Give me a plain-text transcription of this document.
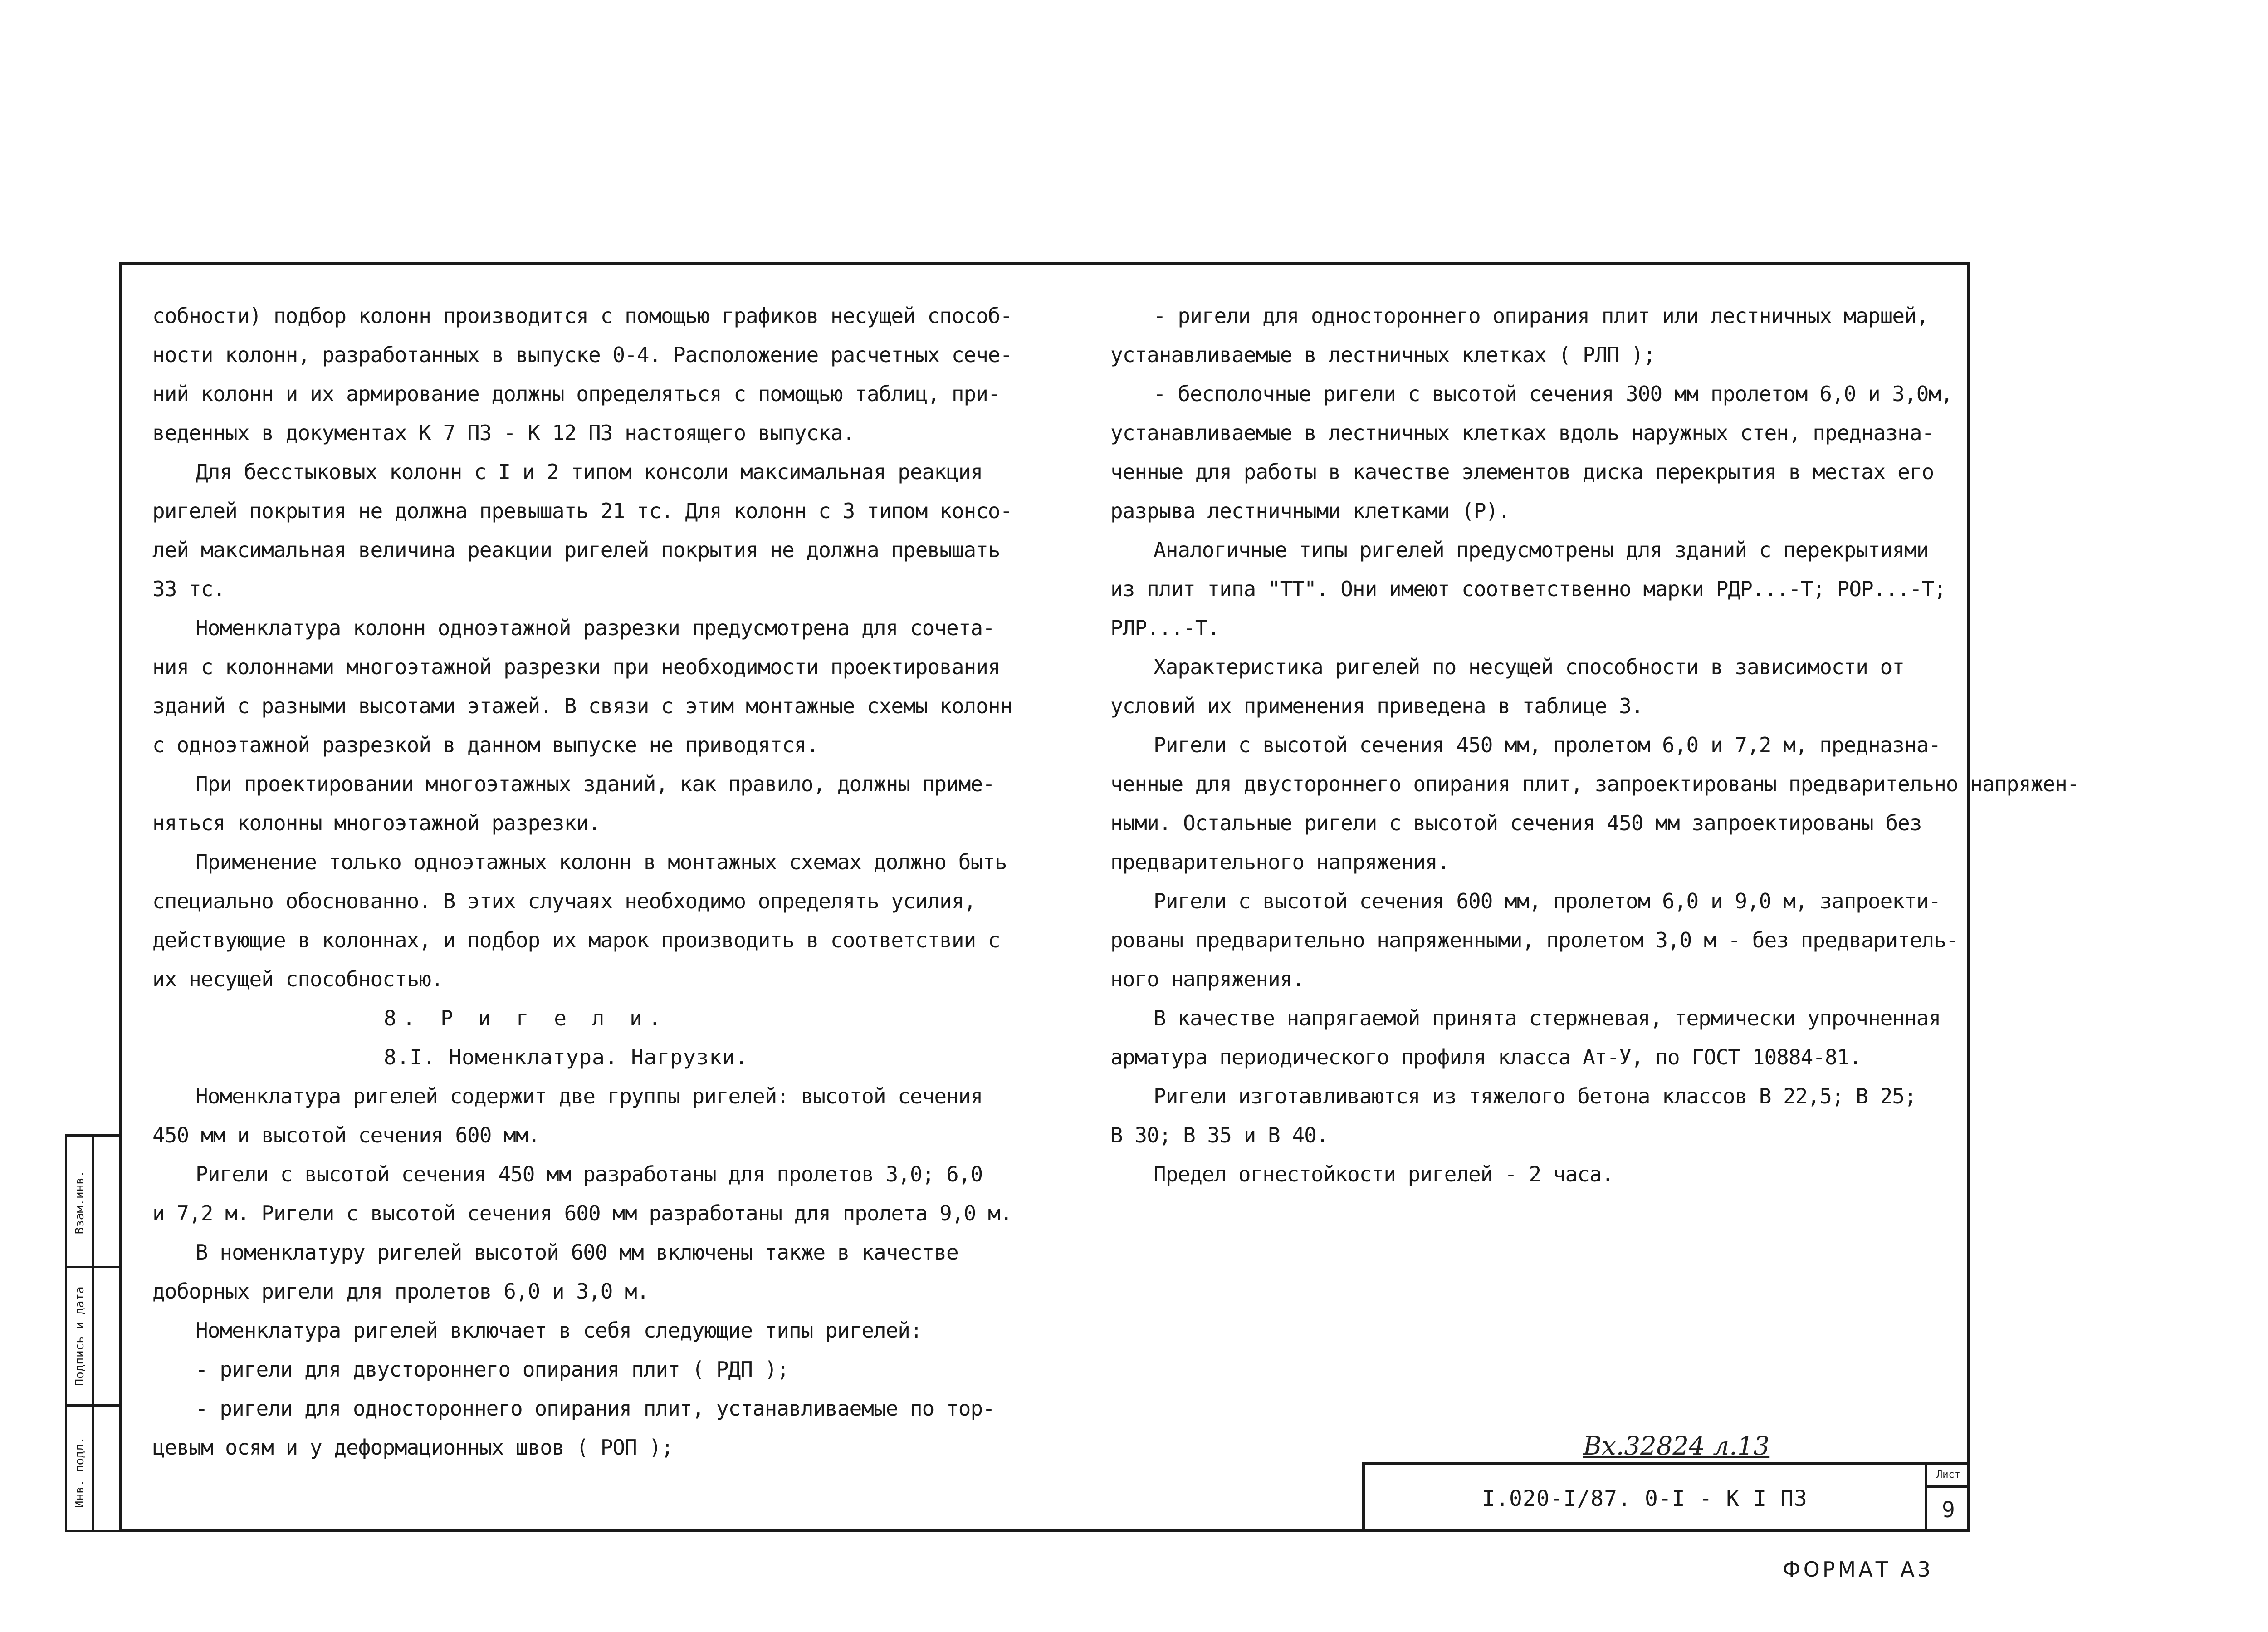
собности) подбор колонн производится с помощью графиков несущей способ-
ности колонн, разработанных в выпуске 0-4. Расположение расчетных сече-
ний колонн и их армирование должны определяться с помощью таблиц, при-
веденных в документах К 7 ПЗ - К 12 ПЗ настоящего выпуска.

Для бесстыковых колонн с I и 2 типом консоли максимальная реакция
ригелей покрытия не должна превышать 21 тс. Для колонн с 3 типом консо-
лей максимальная величина реакции ригелей покрытия не должна превышать
33 тс.

Номенклатура колонн одноэтажной разрезки предусмотрена для сочета-
ния с колоннами многоэтажной разрезки при необходимости проектирования
зданий с разными высотами этажей. В связи с этим монтажные схемы колонн
с одноэтажной разрезкой в данном выпуске не приводятся.

При проектировании многоэтажных зданий, как правило, должны приме-
няться колонны многоэтажной разрезки.

Применение только одноэтажных колонн в монтажных схемах должно быть
специально обоснованно. В этих случаях необходимо определять усилия,
действующие в колоннах, и подбор их марок производить в соответствии с
их несущей способностью.

8. Р и г е л и.

8.I. Номенклатура. Нагрузки.

Номенклатура ригелей содержит две группы ригелей: высотой сечения
450 мм и высотой сечения 600 мм.

Ригели с высотой сечения 450 мм разработаны для пролетов 3,0; 6,0
и 7,2 м. Ригели с высотой сечения 600 мм разработаны для пролета 9,0 м.

В номенклатуру ригелей высотой 600 мм включены также в качестве
доборных ригели для пролетов 6,0 и 3,0 м.

Номенклатура ригелей включает в себя следующие типы ригелей:

- ригели для двустороннего опирания плит ( РДП );

- ригели для одностороннего опирания плит, устанавливаемые по тор-
цевым осям и у деформационных швов ( РОП );

- ригели для одностороннего опирания плит или лестничных маршей,
устанавливаемые в лестничных клетках ( РЛП );

- бесполочные ригели с высотой сечения 300 мм пролетом 6,0 и 3,0м,
устанавливаемые в лестничных клетках вдоль наружных стен, предназна-
ченные для работы в качестве элементов диска перекрытия в местах его
разрыва лестничными клетками (Р).

Аналогичные типы ригелей предусмотрены для зданий с перекрытиями
из плит типа "ТТ". Они имеют соответственно марки РДР...-Т; РОР...-Т;
РЛР...-Т.

Характеристика ригелей по несущей способности в зависимости от
условий их применения приведена в таблице 3.

Ригели с высотой сечения 450 мм, пролетом 6,0 и 7,2 м, предназна-
ченные для двустороннего опирания плит, запроектированы предварительно напряжен-
ными. Остальные ригели с высотой сечения 450 мм запроектированы без
предварительного напряжения.

Ригели с высотой сечения 600 мм, пролетом 6,0 и 9,0 м, запроекти-
рованы предварительно напряженными, пролетом 3,0 м - без предваритель-
ного напряжения.

В качестве напрягаемой принята стержневая, термически упрочненная
арматура периодического профиля класса Ат-У, по ГОСТ 10884-81.

Ригели изготавливаются из тяжелого бетона классов В 22,5; В 25;
В 30; В 35 и В 40.

Предел огнестойкости ригелей - 2 часа.

Взам.инв.
Подпись и дата
Инв. подл.	Вх.32824 л.13
I.020-I/87. 0-I - К I ПЗ
Лист
9
ФОРМАТ А3
